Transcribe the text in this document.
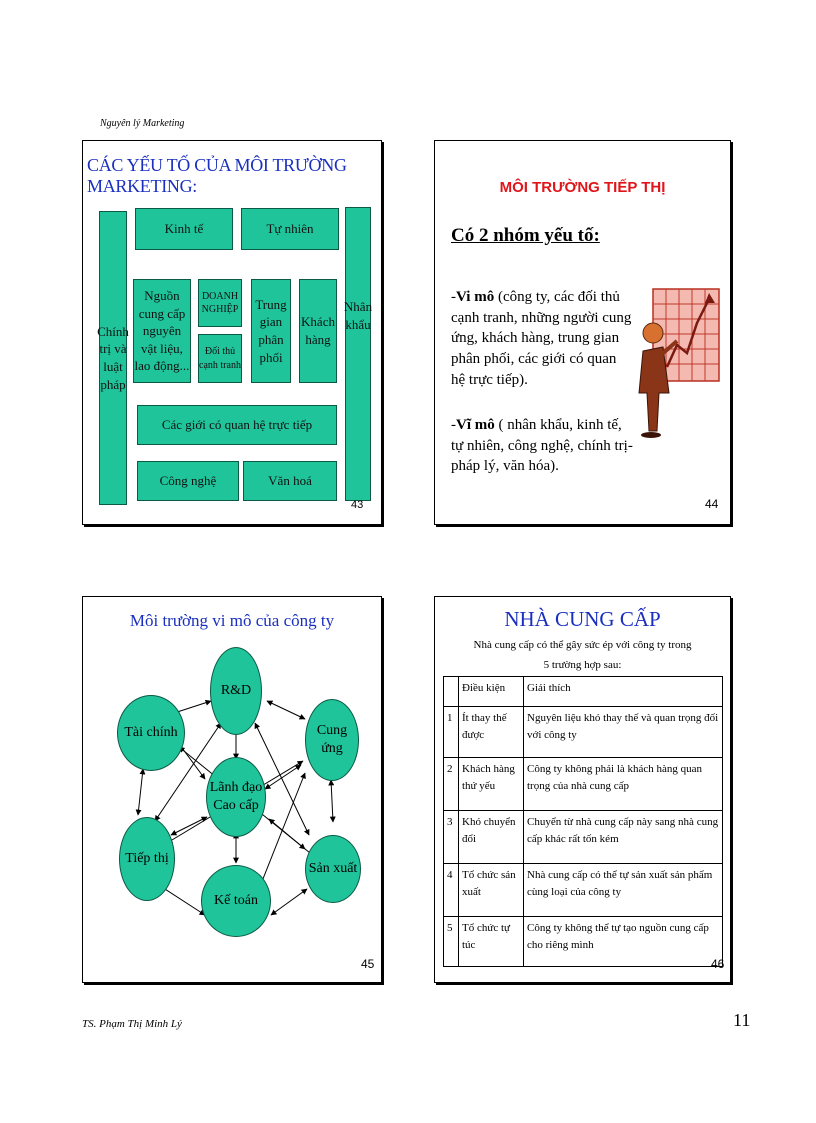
Nguyên lý Marketing
CÁC YẾU TỐ CỦA MÔI TRƯỜNG MARKETING:
Chính trị và luật pháp
Nhân khẩu
Kinh tế	Tự nhiên
Nguồn cung cấp nguyên vật liệu, lao động...
DOANH NGHIỆP
Đối thủ cạnh tranh
Trung gian phân phối
Khách hàng
Các giới có quan hệ trực tiếp
Công nghệ	Văn hoá
43
MÔI TRƯỜNG TIẾP THỊ
Có 2 nhóm yếu tố:
-Vi mô (công ty, các đối thủ cạnh tranh, những người cung ứng, khách hàng, trung gian phân phối, các giới có quan hệ trực tiếp).
-Vĩ mô ( nhân khẩu, kinh tế, tự nhiên, công nghệ, chính trị- pháp lý, văn hóa).
44
Môi trường vi mô của công ty
R&D
Tài chính	Cung ứng
Lãnh đạo Cao cấp
Tiếp thị
Sản xuất
Kế toán
45
NHÀ CUNG CẤP
Nhà cung cấp có thể gây sức ép với công ty trong
5 trường hợp sau:
	Điều kiện	Giải thích
1	Ít thay thế được	Nguyên liệu khó thay thế và quan trọng đối với công ty
2	Khách hàng thứ yếu	Công ty không phải là khách hàng quan trọng của nhà cung cấp
3	Khó chuyển đổi	Chuyển từ nhà cung cấp này sang nhà cung cấp khác rất tốn kém
4	Tổ chức sản xuất	Nhà cung cấp có thể tự sản xuất sản phẩm cùng loại của công ty
5	Tổ chức tự túc	Công ty không thể tự tạo nguồn cung cấp cho riêng mình
46
TS. Phạm Thị Minh Lý	11
